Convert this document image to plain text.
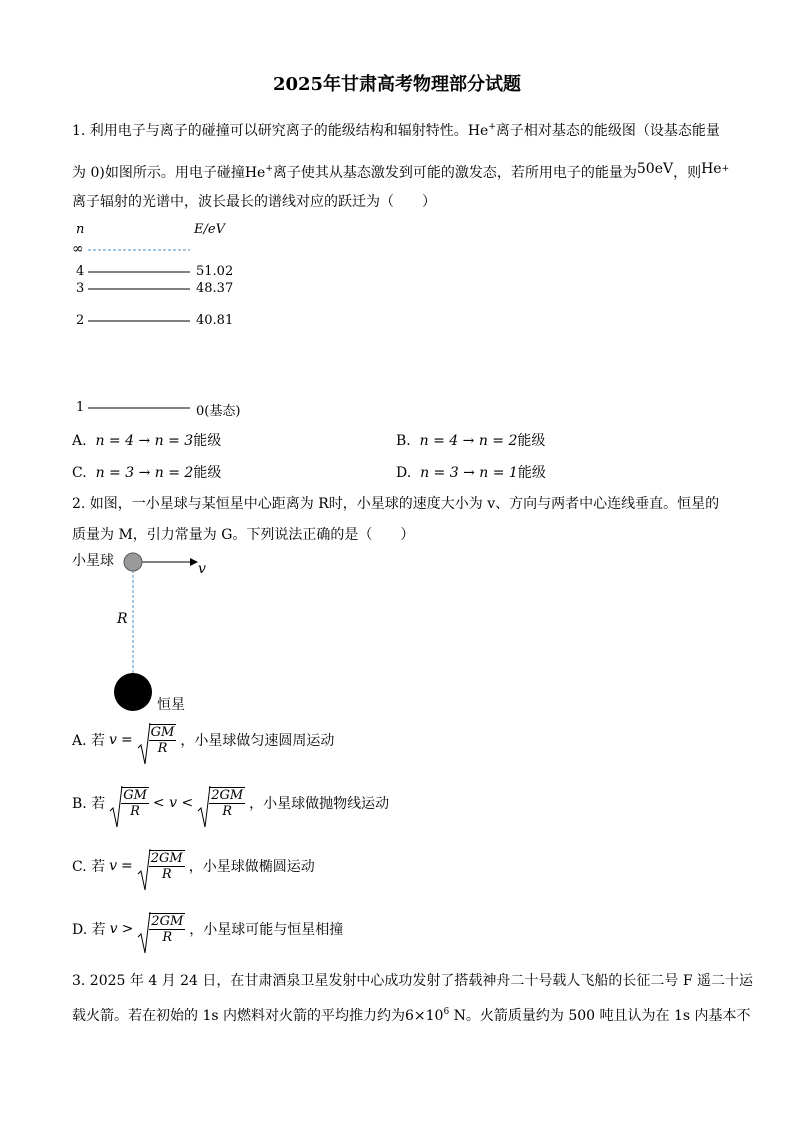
2025年甘肃高考物理部分试题
1. 利用电子与离子的碰撞可以研究离子的能级结构和辐射特性。He+离子相对基态的能级图（设基态能量
为 0)如图所示。用电子碰撞He+离子使其从基态激发到可能的激发态，若所用电子的能量为50eV，则He+
离子辐射的光谱中，波长最长的谱线对应的跃迁为（　　）
n	E/eV
∞
4	51.02
3	48.37
2	40.81
1	0(基态)
A. n = 4 → n = 3能级	B. n = 4 → n = 2能级
C. n = 3 → n = 2能级	D. n = 3 → n = 1能级
2. 如图，一小星球与某恒星中心距离为 R时，小星球的速度大小为 v、方向与两者中心连线垂直。恒星的
质量为 M，引力常量为 G。下列说法正确的是（　　）
小星球	v
R
恒星
A. 若 $v = \frac{GM}{R}$ ，小星球做匀速圆周运动
B. 若 $\frac{GM}{R} < v < \frac{2GM}{R}$ ，小星球做抛物线运动
C. 若 $v = \frac{2GM}{R}$ ，小星球做椭圆运动
D. 若 $v > \frac{2GM}{R}$ ，小星球可能与恒星相撞
3. 2025 年 4 月 24 日，在甘肃酒泉卫星发射中心成功发射了搭载神舟二十号载人飞船的长征二号 F 遥二十运
载火箭。若在初始的 1s 内燃料对火箭的平均推力约为$6\times 10^6$ N。火箭质量约为 500 吨且认为在 1s 内基本不
